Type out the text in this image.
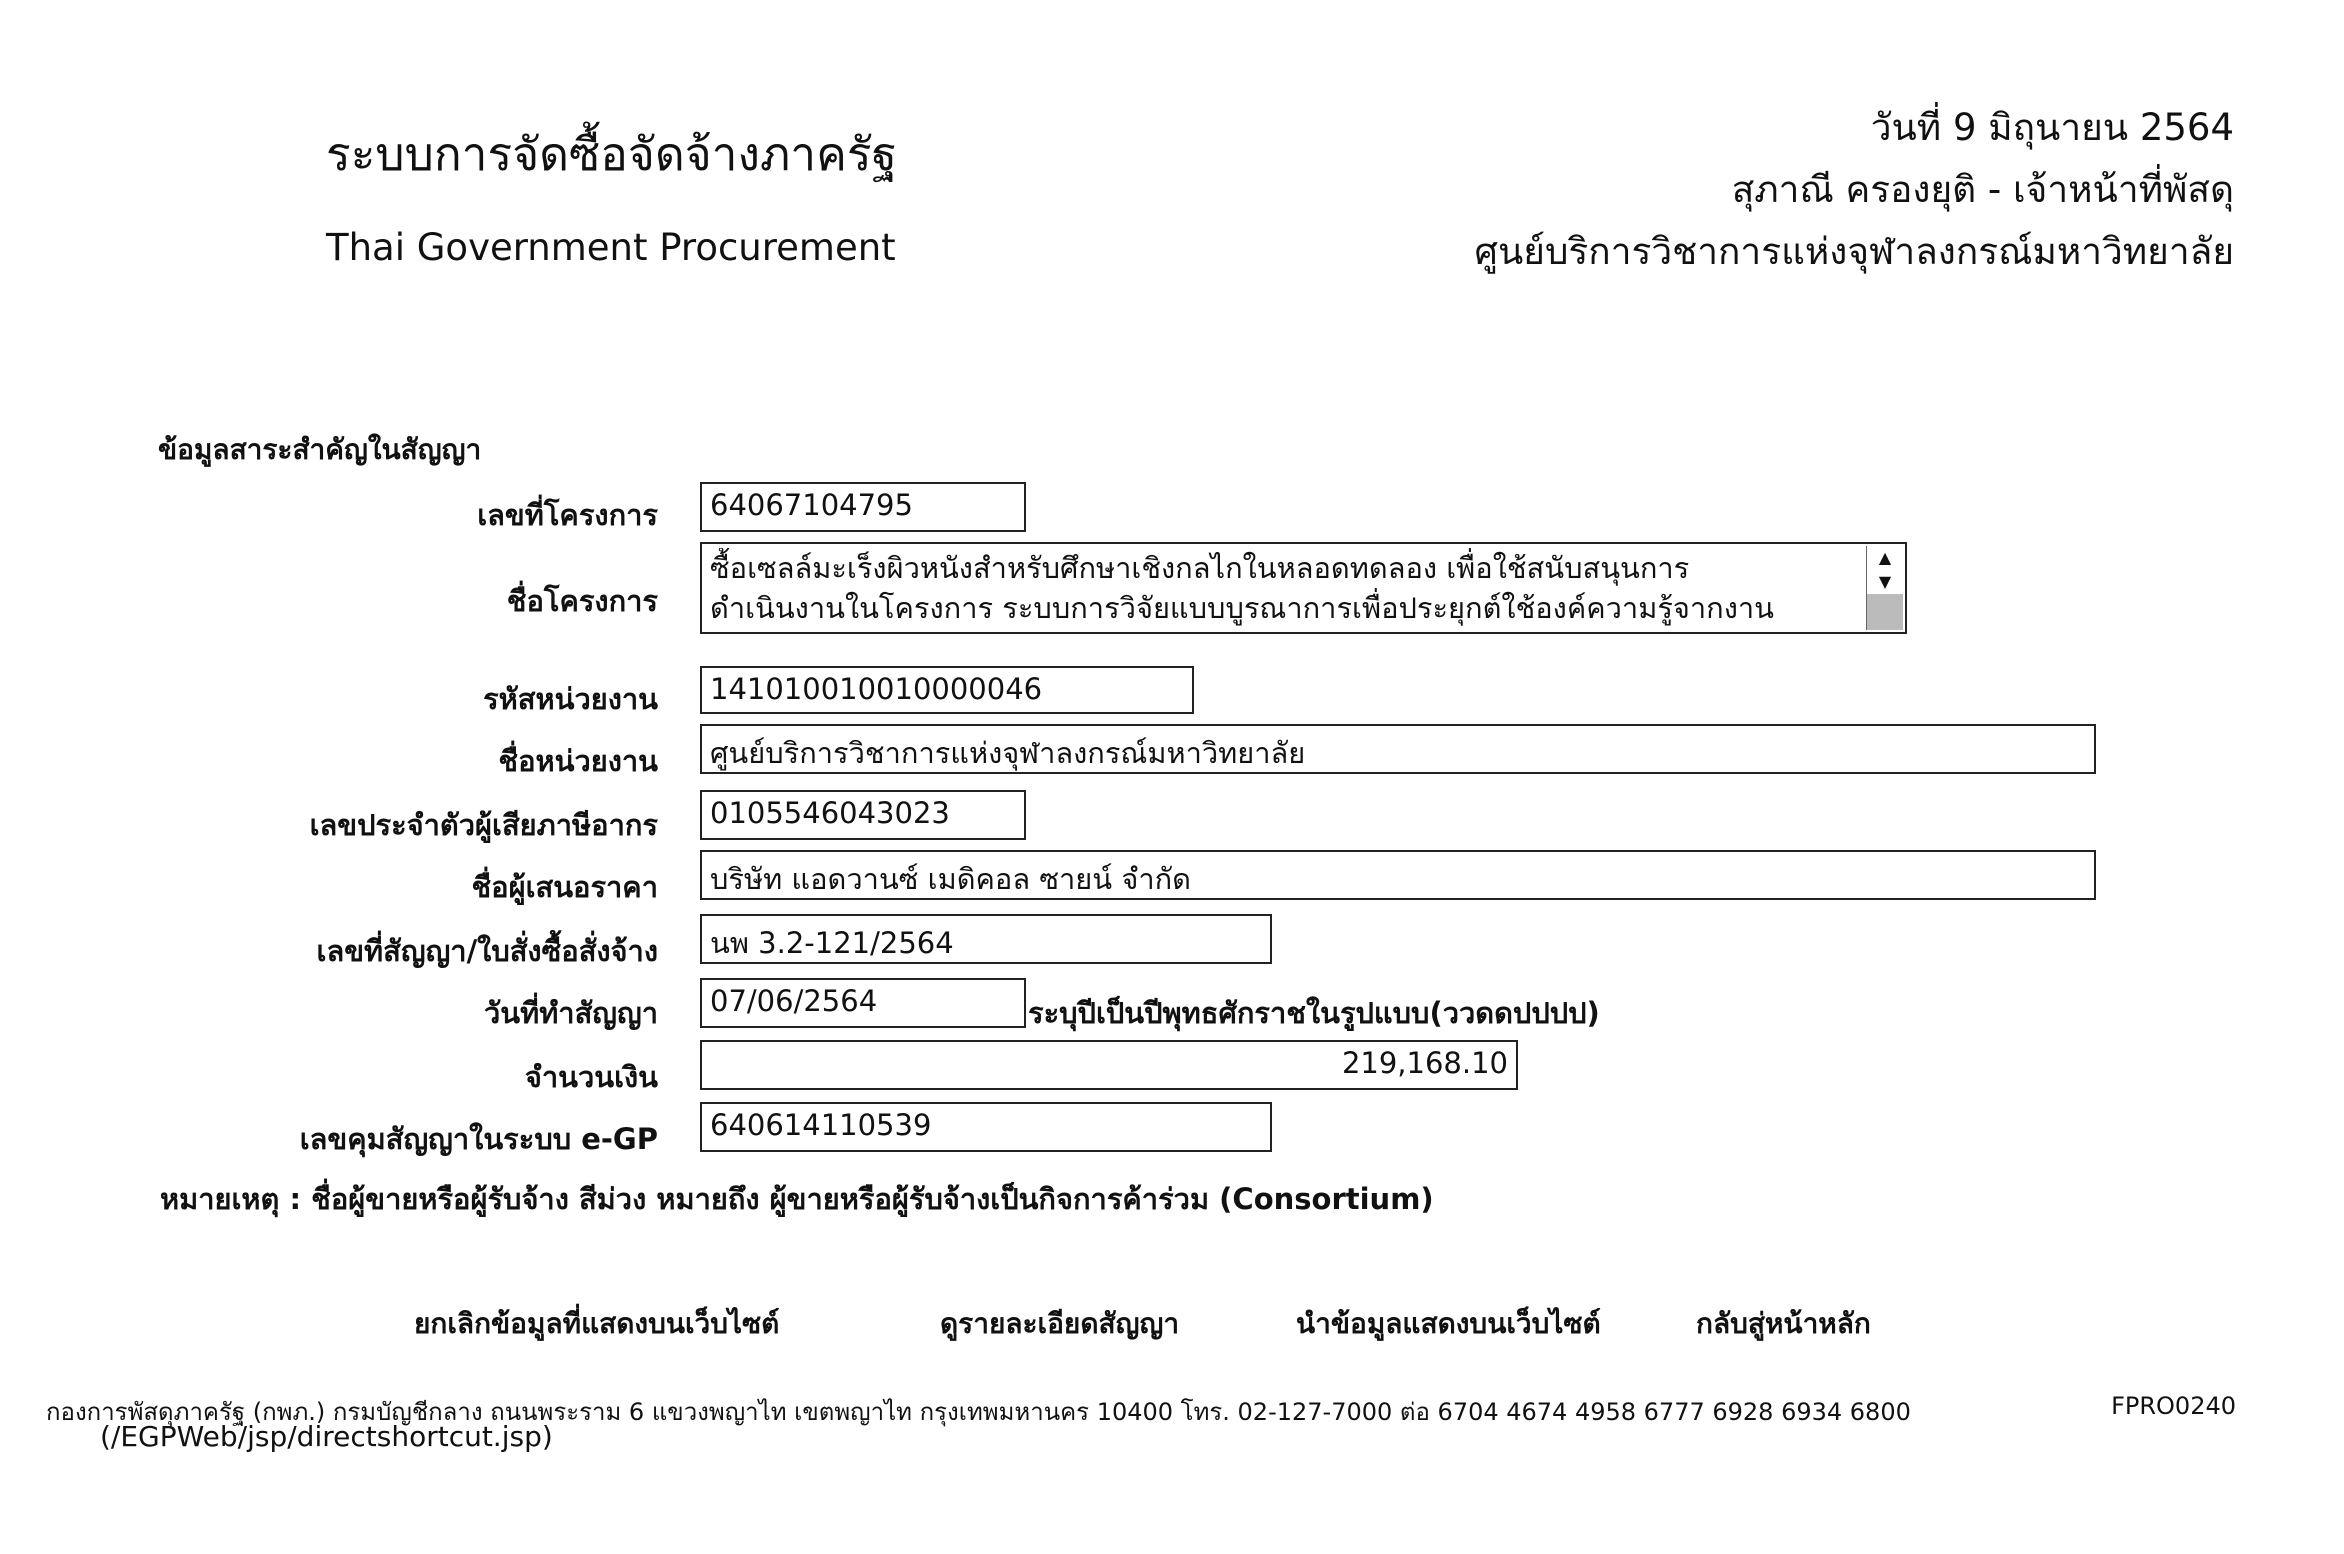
ระบบการจัดซื้อจัดจ้างภาครัฐ
Thai Government Procurement
วันที่ 9 มิถุนายน 2564
สุภาณี ครองยุติ - เจ้าหน้าที่พัสดุ
ศูนย์บริการวิชาการแห่งจุฬาลงกรณ์มหาวิทยาลัย
ข้อมูลสาระสำคัญในสัญญา
เลขที่โครงการ	64067104795
ชื่อโครงการ
ซื้อเซลล์มะเร็งผิวหนังสำหรับศึกษาเชิงกลไกในหลอดทดลอง เพื่อใช้สนับสนุนการ
ดำเนินงานในโครงการ ระบบการวิจัยแบบบูรณาการเพื่อประยุกต์ใช้องค์ความรู้จากงาน
▲
▼
รหัสหน่วยงาน	141010010010000046
ชื่อหน่วยงาน	ศูนย์บริการวิชาการแห่งจุฬาลงกรณ์มหาวิทยาลัย
เลขประจำตัวผู้เสียภาษีอากร	0105546043023
ชื่อผู้เสนอราคา	บริษัท แอดวานซ์ เมดิคอล ซายน์ จำกัด
เลขที่สัญญา/ใบสั่งซื้อสั่งจ้าง	นพ 3.2-121/2564
วันที่ทำสัญญา	07/06/2564	ระบุปีเป็นปีพุทธศักราชในรูปแบบ(ววดดปปปป)
จำนวนเงิน	219,168.10
เลขคุมสัญญาในระบบ e-GP	640614110539
หมายเหตุ : ชื่อผู้ขายหรือผู้รับจ้าง สีม่วง หมายถึง ผู้ขายหรือผู้รับจ้างเป็นกิจการค้าร่วม (Consortium)
ยกเลิกข้อมูลที่แสดงบนเว็บไซต์	ดูรายละเอียดสัญญา	นำข้อมูลแสดงบนเว็บไซต์	กลับสู่หน้าหลัก
กองการพัสดุภาครัฐ (กพภ.) กรมบัญชีกลาง ถนนพระราม 6 แขวงพญาไท เขตพญาไท กรุงเทพมหานคร 10400 โทร. 02-127-7000 ต่อ 6704 4674 4958 6777 6928 6934 6800	FPRO0240
(/EGPWeb/jsp/directshortcut.jsp)
